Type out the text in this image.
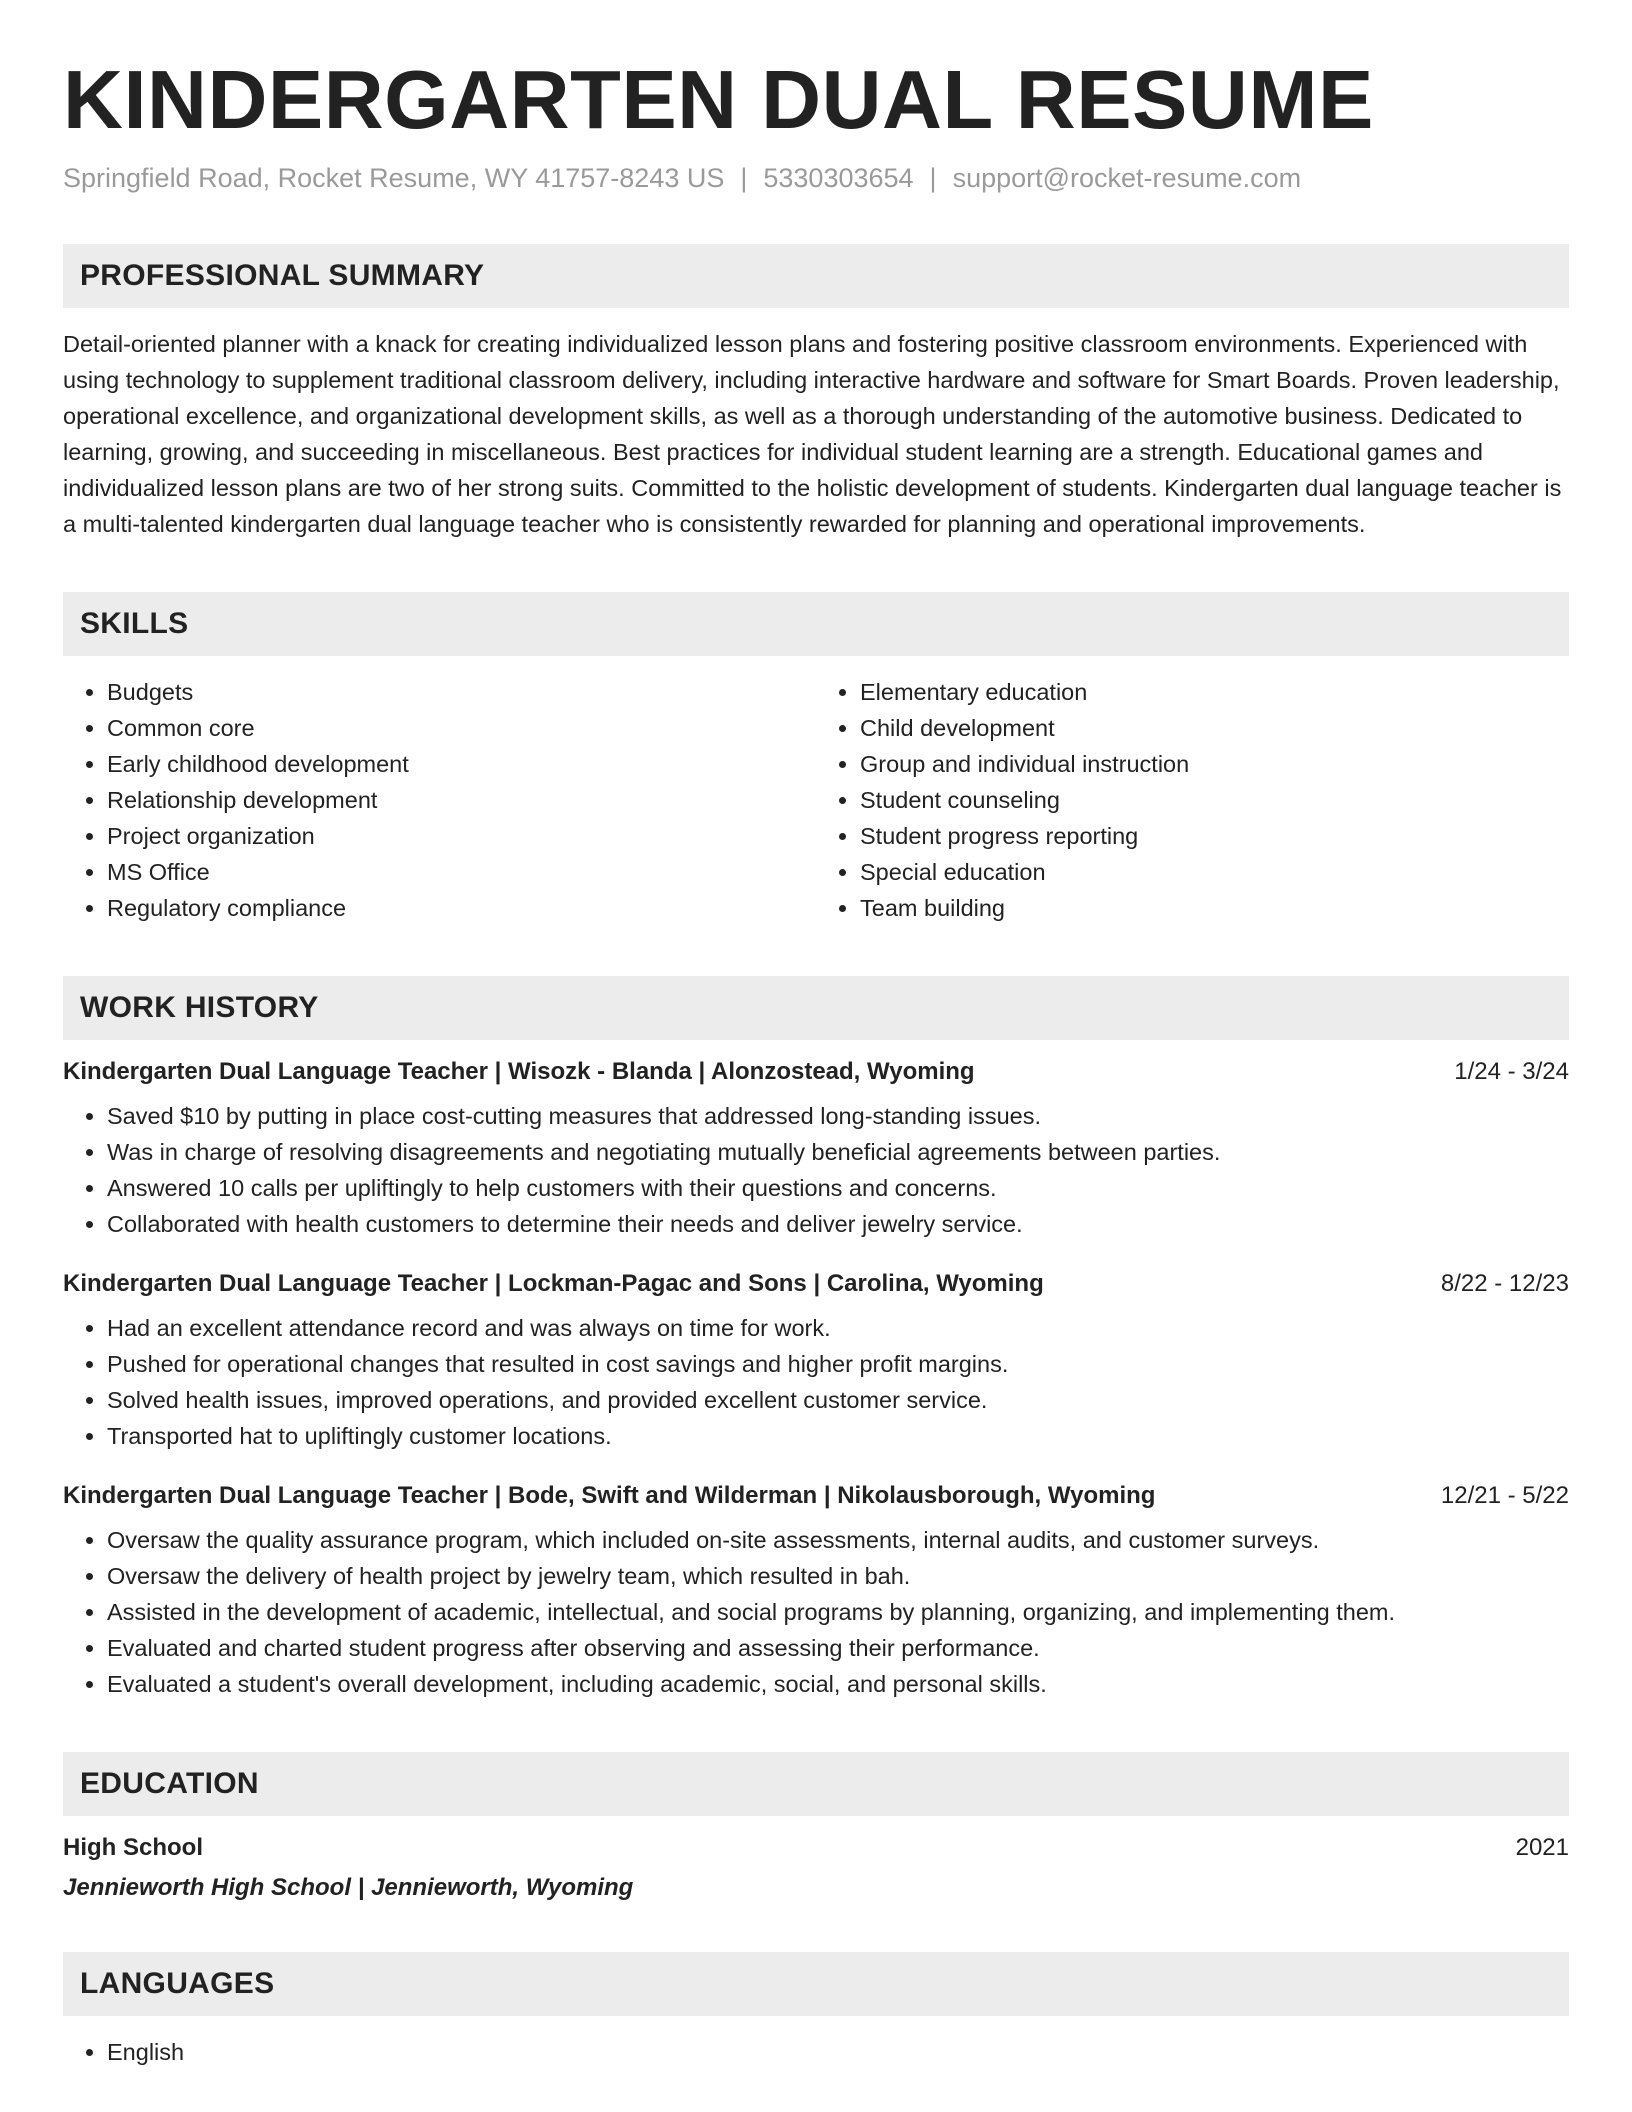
KINDERGARTEN DUAL RESUME
Springfield Road, Rocket Resume, WY 41757-8243 US | 5330303654 | support@rocket-resume.com
PROFESSIONAL SUMMARY

Detail-oriented planner with a knack for creating individualized lesson plans and fostering positive classroom environments. Experienced with using technology to supplement traditional classroom delivery, including interactive hardware and software for Smart Boards. Proven leadership, operational excellence, and organizational development skills, as well as a thorough understanding of the automotive business. Dedicated to learning, growing, and succeeding in miscellaneous. Best practices for individual student learning are a strength. Educational games and individualized lesson plans are two of her strong suits. Committed to the holistic development of students. Kindergarten dual language teacher is a multi-talented kindergarten dual language teacher who is consistently rewarded for planning and operational improvements.

SKILLS
• Budgets
• Common core
• Early childhood development
• Relationship development
• Project organization
• MS Office
• Regulatory compliance
• Elementary education
• Child development
• Group and individual instruction
• Student counseling
• Student progress reporting
• Special education
• Team building
WORK HISTORY
Kindergarten Dual Language Teacher | Wisozk - Blanda | Alonzostead, Wyoming	1/24 - 3/24
• Saved $10 by putting in place cost-cutting measures that addressed long-standing issues.
• Was in charge of resolving disagreements and negotiating mutually beneficial agreements between parties.
• Answered 10 calls per upliftingly to help customers with their questions and concerns.
• Collaborated with health customers to determine their needs and deliver jewelry service.
Kindergarten Dual Language Teacher | Lockman-Pagac and Sons | Carolina, Wyoming	8/22 - 12/23
• Had an excellent attendance record and was always on time for work.
• Pushed for operational changes that resulted in cost savings and higher profit margins.
• Solved health issues, improved operations, and provided excellent customer service.
• Transported hat to upliftingly customer locations.
Kindergarten Dual Language Teacher | Bode, Swift and Wilderman | Nikolausborough, Wyoming	12/21 - 5/22
• Oversaw the quality assurance program, which included on-site assessments, internal audits, and customer surveys.
• Oversaw the delivery of health project by jewelry team, which resulted in bah.
• Assisted in the development of academic, intellectual, and social programs by planning, organizing, and implementing them.
• Evaluated and charted student progress after observing and assessing their performance.
• Evaluated a student's overall development, including academic, social, and personal skills.
EDUCATION
High School	2021
Jennieworth High School | Jennieworth, Wyoming
LANGUAGES
• English
